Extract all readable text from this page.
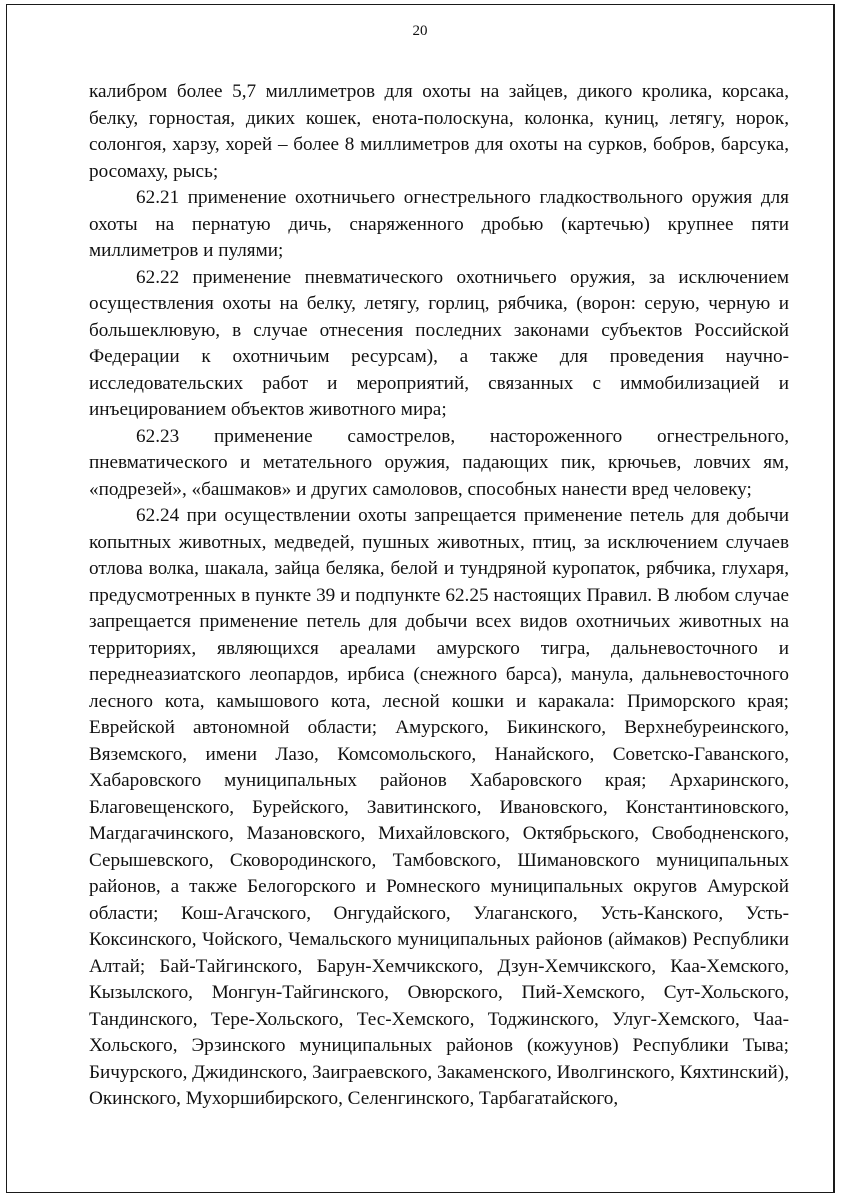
20

калибром более 5,7 миллиметров для охоты на зайцев, дикого кролика, корсака, белку, горностая, диких кошек, енота-полоскуна, колонка, куниц, летягу, норок, солонгоя, харзу, хорей – более 8 миллиметров для охоты на сурков, бобров, барсука, росомаху, рысь;

62.21 применение охотничьего огнестрельного гладкоствольного оружия для охоты на пернатую дичь, снаряженного дробью (картечью) крупнее пяти миллиметров и пулями;

62.22 применение пневматического охотничьего оружия, за исключением осуществления охоты на белку, летягу, горлиц, рябчика, (ворон: серую, черную и большеклювую, в случае отнесения последних законами субъектов Российской Федерации к охотничьим ресурсам), а также для проведения научно-исследовательских работ и мероприятий, связанных с иммобилизацией и инъецированием объектов животного мира;

62.23 применение самострелов, настороженного огнестрельного, пневматического и метательного оружия, падающих пик, крючьев, ловчих ям, «подрезей», «башмаков» и других самоловов, способных нанести вред человеку;

62.24 при осуществлении охоты запрещается применение петель для добычи копытных животных, медведей, пушных животных, птиц, за исключением случаев отлова волка, шакала, зайца беляка, белой и тундряной куропаток, рябчика, глухаря, предусмотренных в пункте 39 и подпункте 62.25 настоящих Правил. В любом случае запрещается применение петель для добычи всех видов охотничьих животных на территориях, являющихся ареалами амурского тигра, дальневосточного и переднеазиатского леопардов, ирбиса (снежного барса), манула, дальневосточного лесного кота, камышового кота, лесной кошки и каракала: Приморского края; Еврейской автономной области; Амурского, Бикинского, Верхнебуреинского, Вяземского, имени Лазо, Комсомольского, Нанайского, Советско-Гаванского, Хабаровского муниципальных районов Хабаровского края; Архаринского, Благовещенского, Бурейского, Завитинского, Ивановского, Константиновского, Магдагачинского, Мазановского, Михайловского, Октябрьского, Свободненского, Серышевского, Сковородинского, Тамбовского, Шимановского муниципальных районов, а также Белогорского и Ромнеского муниципальных округов Амурской области; Кош-Агачского, Онгудайского, Улаганского, Усть-Канского, Усть-Коксинского, Чойского, Чемальского муниципальных районов (аймаков) Республики Алтай; Бай-Тайгинского, Барун-Хемчикского, Дзун-Хемчикского, Каа-Хемского, Кызылского, Монгун-Тайгинского, Овюрского, Пий-Хемского, Сут-Хольского, Тандинского, Тере-Хольского, Тес-Хемского, Тоджинского, Улуг-Хемского, Чаа-Хольского, Эрзинского муниципальных районов (кожуунов) Республики Тыва; Бичурского, Джидинского, Заиграевского, Закаменского, Иволгинского, Кяхтинский), Окинского, Мухоршибирского, Селенгинского, Тарбагатайского,
